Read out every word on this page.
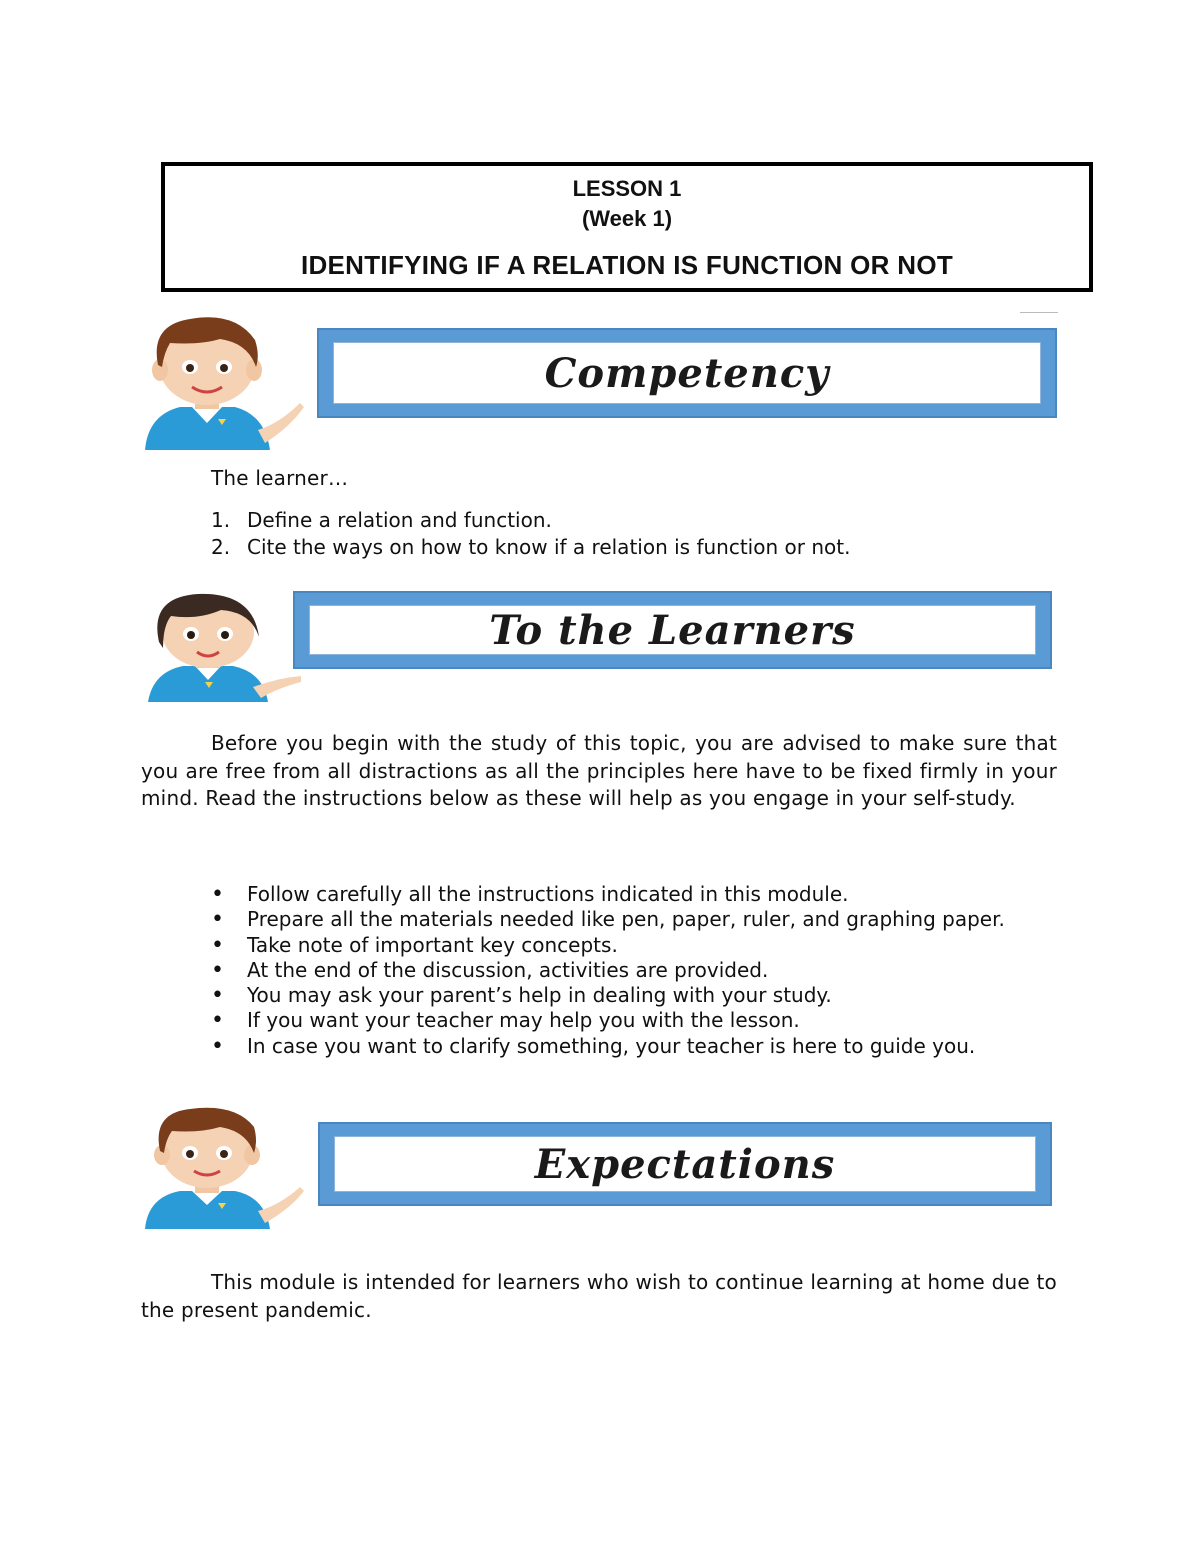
LESSON 1
(Week 1)
IDENTIFYING IF A RELATION IS FUNCTION OR NOT
Competency
The learner…
1. Define a relation and function.
2. Cite the ways on how to know if a relation is function or not.
To the Learners
Before you begin with the study of this topic, you are advised to make sure that you are free from all distractions as all the principles here have to be fixed firmly in your mind. Read the instructions below as these will help as you engage in your self-study.
• Follow carefully all the instructions indicated in this module.
• Prepare all the materials needed like pen, paper, ruler, and graphing paper.
• Take note of important key concepts.
• At the end of the discussion, activities are provided.
• You may ask your parent’s help in dealing with your study.
• If you want your teacher may help you with the lesson.
• In case you want to clarify something, your teacher is here to guide you.
Expectations
This module is intended for learners who wish to continue learning at home due to the present pandemic.
